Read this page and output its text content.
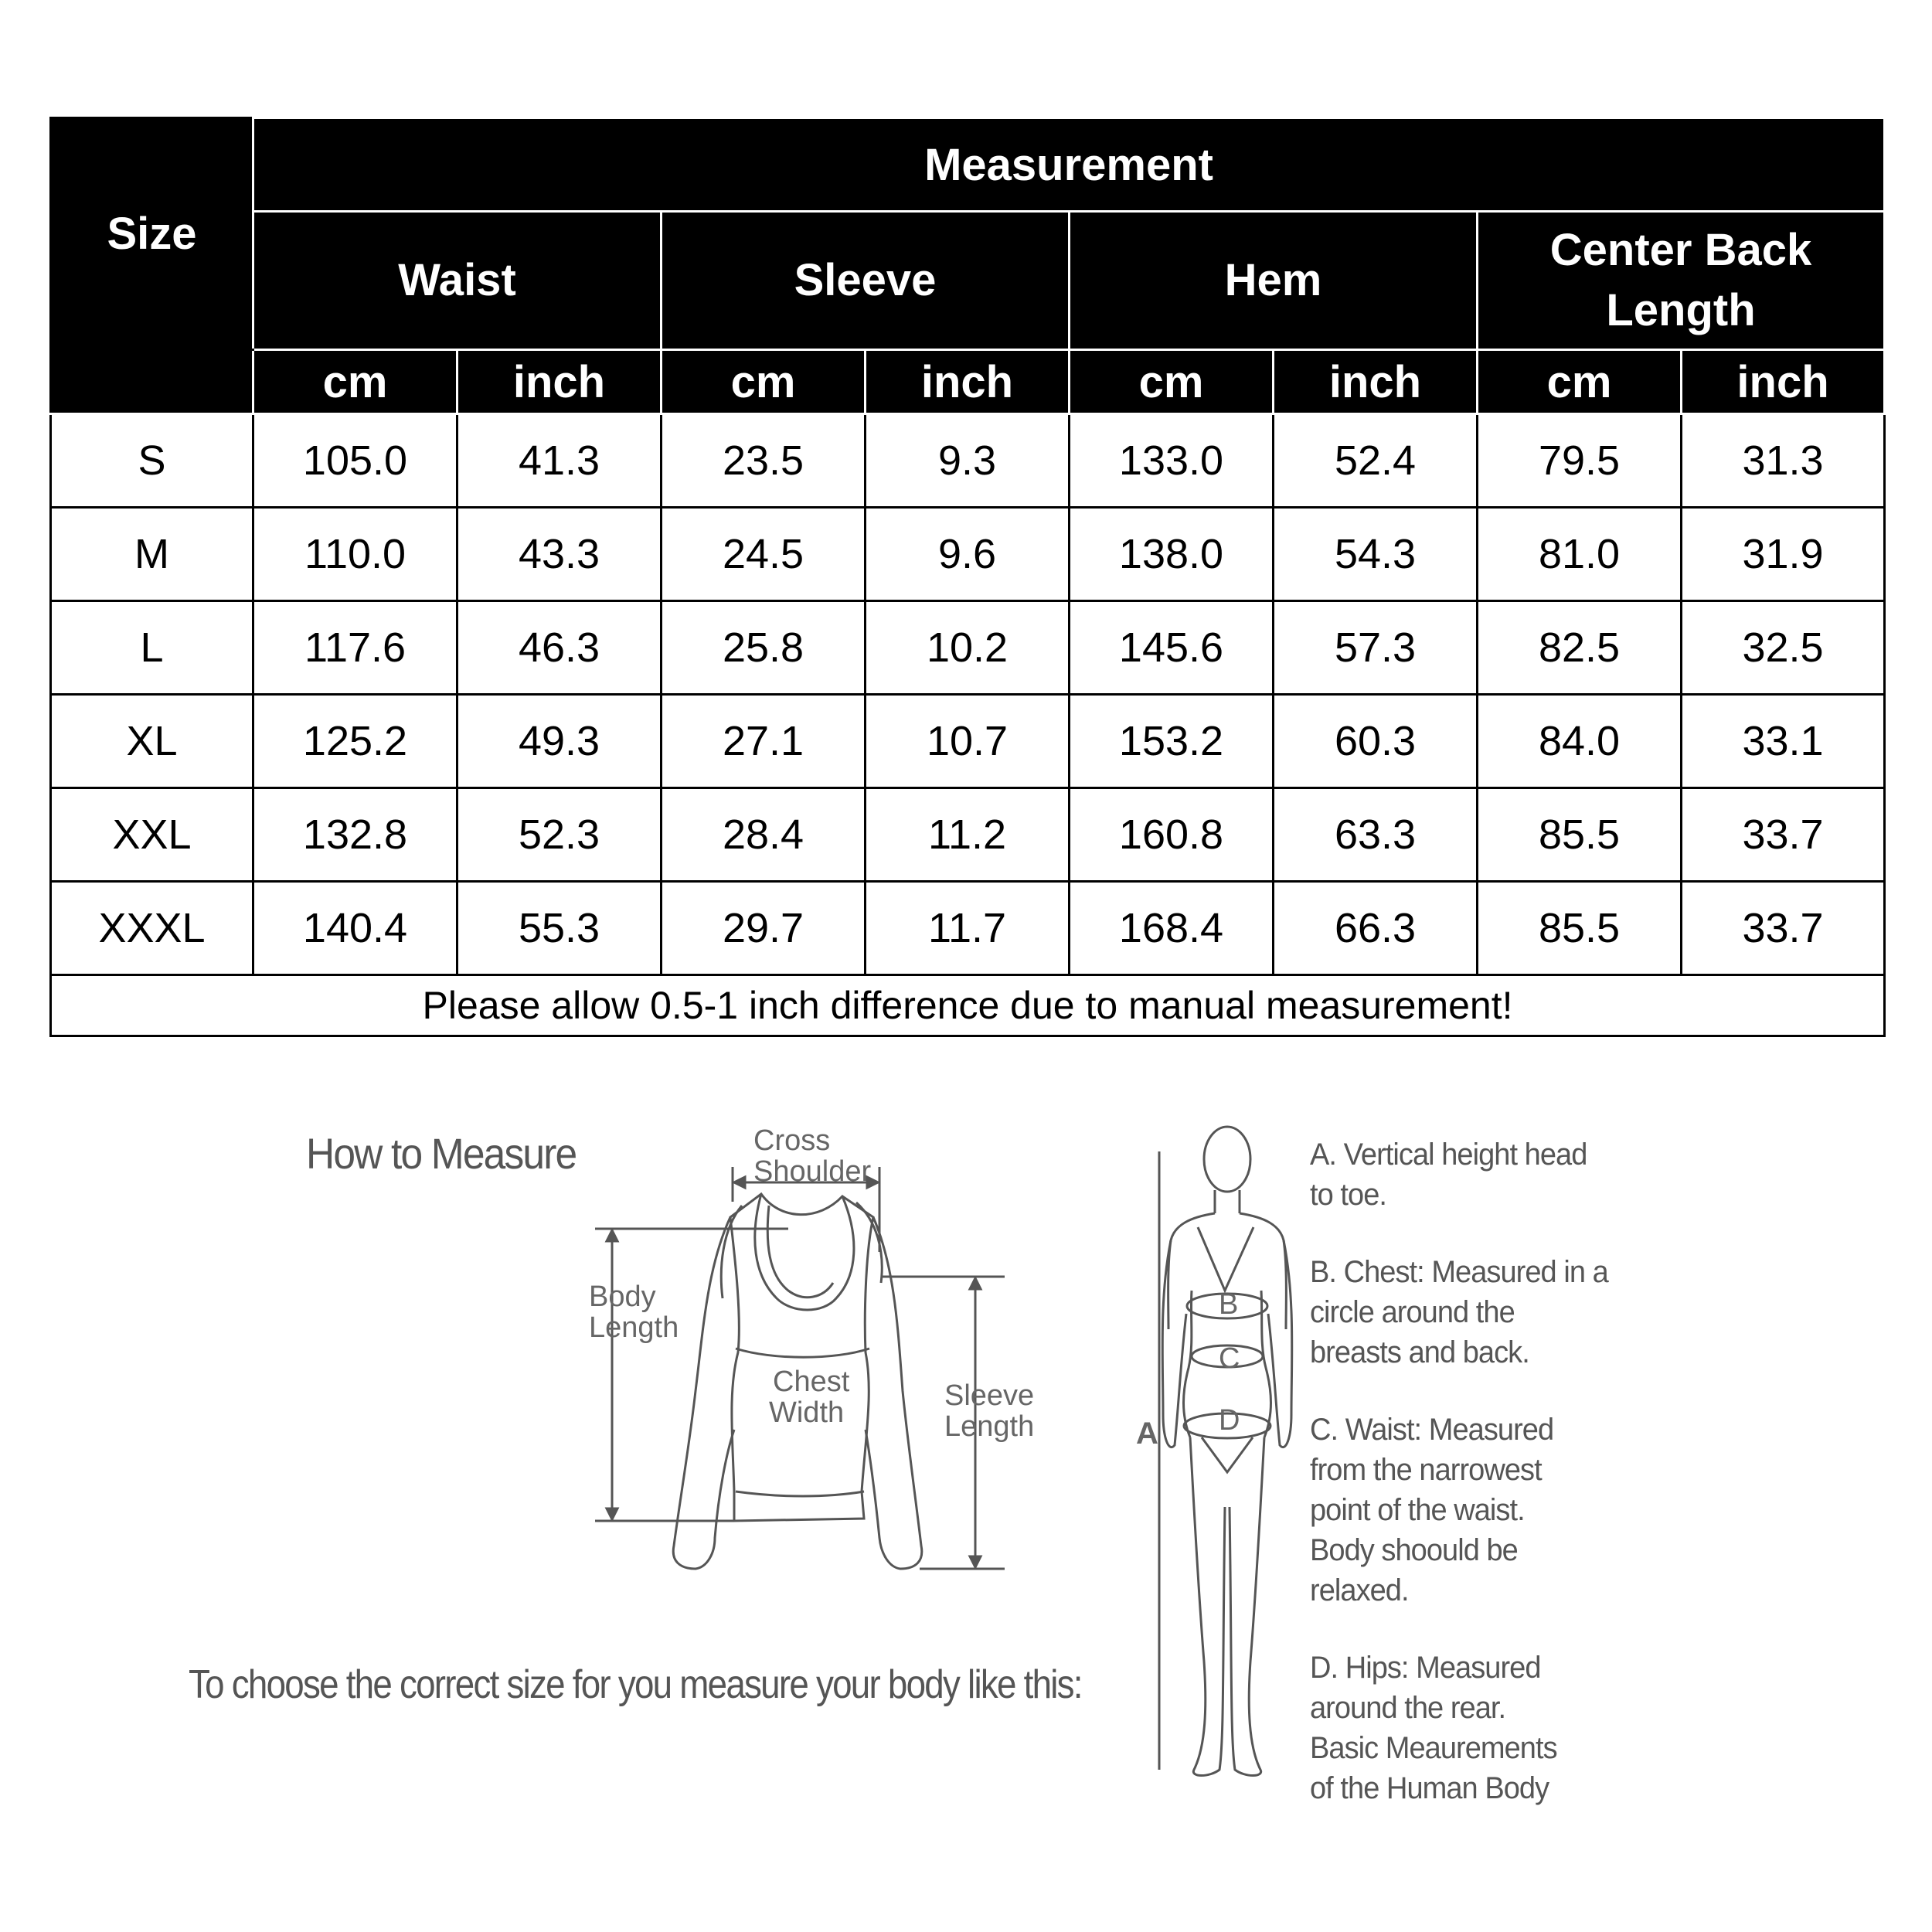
Size	Measurement							
	Waist		Sleeve		Hem		Center Back Length	
	cm	inch	cm	inch	cm	inch	cm	inch
S	105.0	41.3	23.5	9.3	133.0	52.4	79.5	31.3
M	110.0	43.3	24.5	9.6	138.0	54.3	81.0	31.9
L	117.6	46.3	25.8	10.2	145.6	57.3	82.5	32.5
XL	125.2	49.3	27.1	10.7	153.2	60.3	84.0	33.1
XXL	132.8	52.3	28.4	11.2	160.8	63.3	85.5	33.7
XXXL	140.4	55.3	29.7	11.7	168.4	66.3	85.5	33.7
Please allow 0.5-1 inch difference due to manual measurement!								
How to Measure
To choose the correct size for you measure your body like this:
Cross
Shoulder
Body
Length
Chest
Width
Sleeve
Length	A
B
C
D
A. Vertical height head
to toe.
B. Chest: Measured in a
circle around the
breasts and back.
C. Waist: Measured
from the narrowest
point of the waist.
Body shoould be
relaxed.
D. Hips: Measured
around the rear.
Basic Meaurements
of the Human Body
